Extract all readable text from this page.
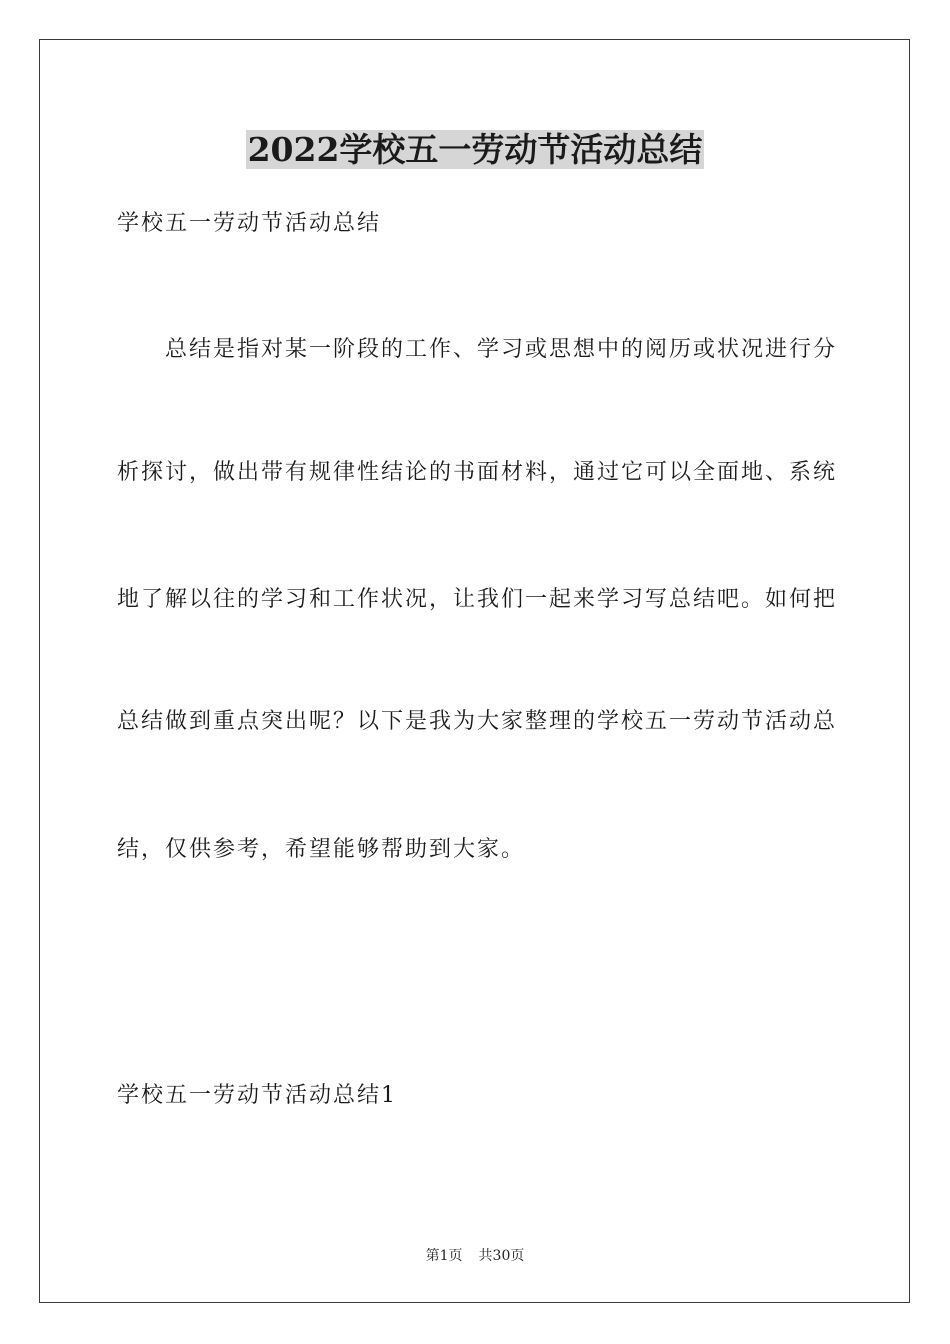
2022学校五一劳动节活动总结
学校五一劳动节活动总结
总结是指对某一阶段的工作、学习或思想中的阅历或状况进行分
析探讨，做出带有规律性结论的书面材料，通过它可以全面地、系统
地了解以往的学习和工作状况，让我们一起来学习写总结吧。如何把
总结做到重点突出呢？以下是我为大家整理的学校五一劳动节活动总
结，仅供参考，希望能够帮助到大家。
学校五一劳动节活动总结1
第1页 共30页
